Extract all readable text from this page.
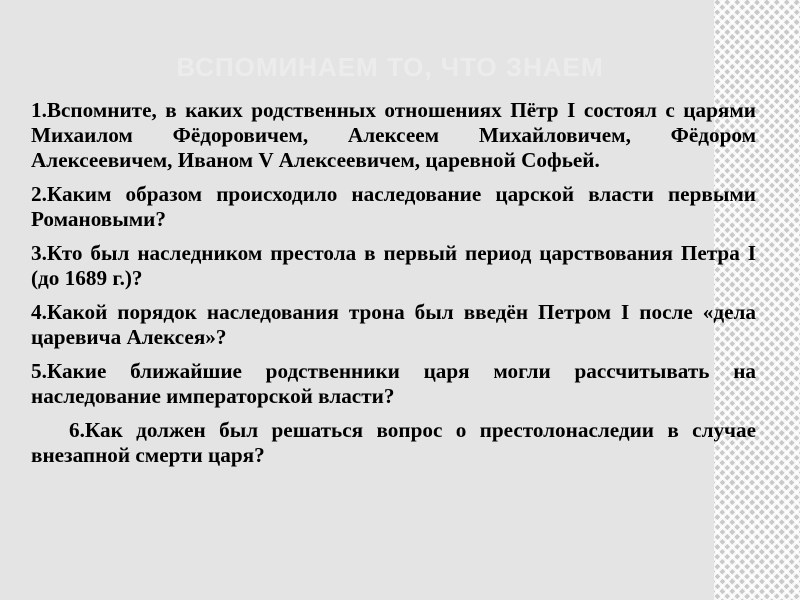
ВСПОМИНАЕМ ТО, ЧТО ЗНАЕМ
1.Вспомните, в каких родственных отношениях Пётр I состоял с царями Михаилом Фёдоровичем, Алексеем Михайловичем, Фёдором Алексеевичем, Иваном V Алексеевичем, царевной Софьей.
2.Каким образом происходило наследование царской власти первыми Романовыми?
3.Кто был наследником престола в первый период царствования Петра I (до 1689 г.)?
4.Какой порядок наследования трона был введён Петром I после «дела царевича Алексея»?
5.Какие ближайшие родственники царя могли рассчитывать на наследование императорской власти?
6.Как должен был решаться вопрос о престолонаследии в случае внезапной смерти царя?
